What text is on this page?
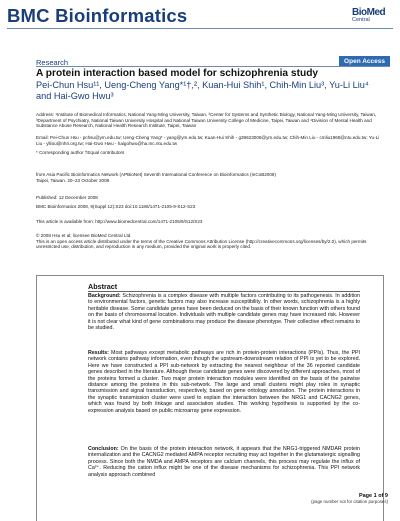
BMC Bioinformatics	BioMed
Central
Research	Open Access
A protein interaction based model for schizophrenia study
Pei-Chun Hsu¹¹, Ueng-Cheng Yang*¹†,², Kuan-Hui Shih¹, Chih-Min Liu³, Yu-Li Liu⁴ and Hai-Gwo Hwu³
Address: ¹Institute of Biomedical Informatics, National Yang-Ming University, Taiwan, ²Center for Systems and Synthetic Biology, National Yang-Ming University, Taiwan, ³Department of Psychiatry, National Taiwan University Hospital and National Taiwan University College of Medicine, Taipei, Taiwan and ⁴Division of Mental Health and Substance Abuse Research, National Health Research Institute, Taipei, Taiwan
Email: Pei-Chun Hsu - pchsu@ym.edu.tw; Ueng-Cheng Yang* - yang@ym.edu.tw; Kuan-Hui Shih - g39623006@ym.edu.tw; Chih-Min Liu - cmliu1968@ntu.edu.tw; Yu-Li Liu - ylliou@nhri.org.tw; Hai-Gwo Hwu - haigohwu@ha.mc.ntu.edu.tw
* Corresponding author †Equal contributors
from Asia Pacific Bioinformatics Network (APBioNet) Seventh International Conference on Bioinformatics (InCoB2008)
Taipei, Taiwan. 20–23 October 2008
Published: 12 December 2008
BMC Bioinformatics 2008, 9(Suppl 12):S23 doi:10.1186/1471-2105-9-S12-S23
This article is available from: http://www.biomedcentral.com/1471-2105/9/S12/S23
© 2008 Hsu et al; licensee BioMed Central Ltd.
This is an open access article distributed under the terms of the Creative Commons Attribution License (http://creativecommons.org/licenses/by/2.0), which permits unrestricted use, distribution, and reproduction in any medium, provided the original work is properly cited.
Abstract
Background: Schizophrenia is a complex disease with multiple factors contributing to its pathogenesis. In addition to environmental factors, genetic factors may also increase susceptibility. In other words, schizophrenia is a highly heritable disease. Some candidate genes have been deduced on the basis of their known function with others found on the basis of chromosomal location. Individuals with multiple candidate genes may have increased risk. However it is not clear what kind of gene combinations may produce the disease phenotype. Their collective effect remains to be studied.
Results: Most pathways except metabolic pathways are rich in protein-protein interactions (PPIs). Thus, the PPI network contains pathway information, even though the upstream-downstream relation of PPI is yet to be explored. Here we have constructed a PPI sub-network by extracting the nearest neighbour of the 36 reported candidate genes described in the literature. Although these candidate genes were discovered by different approaches, most of the proteins formed a cluster. Two major protein interaction modules were identified on the basis of the pairwise distance among the proteins in this sub-network. The large and small clusters might play roles in synaptic transmission and signal transduction, respectively, based on gene ontology annotation. The protein interactions in the synaptic transmission cluster were used to explain the interaction between the NRG1 and CACNG2 genes, which was found by both linkage and association studies. This working hypothesis is supported by the co-expression analysis based on public microarray gene expression.
Conclusion: On the basis of the protein interaction network, it appears that the NRG1-triggered NMDAR protein internalization and the CACNG2 mediated AMPA receptor recruiting may act together in the glutamatergic signalling process. Since both the NMDA and AMPA receptors are calcium channels, this process may regulate the influx of Ca²⁺. Reducing the cation influx might be one of the disease mechanisms for schizophrenia. This PPI network analysis approach combined
Page 1 of 9
(page number not for citation purposes)
